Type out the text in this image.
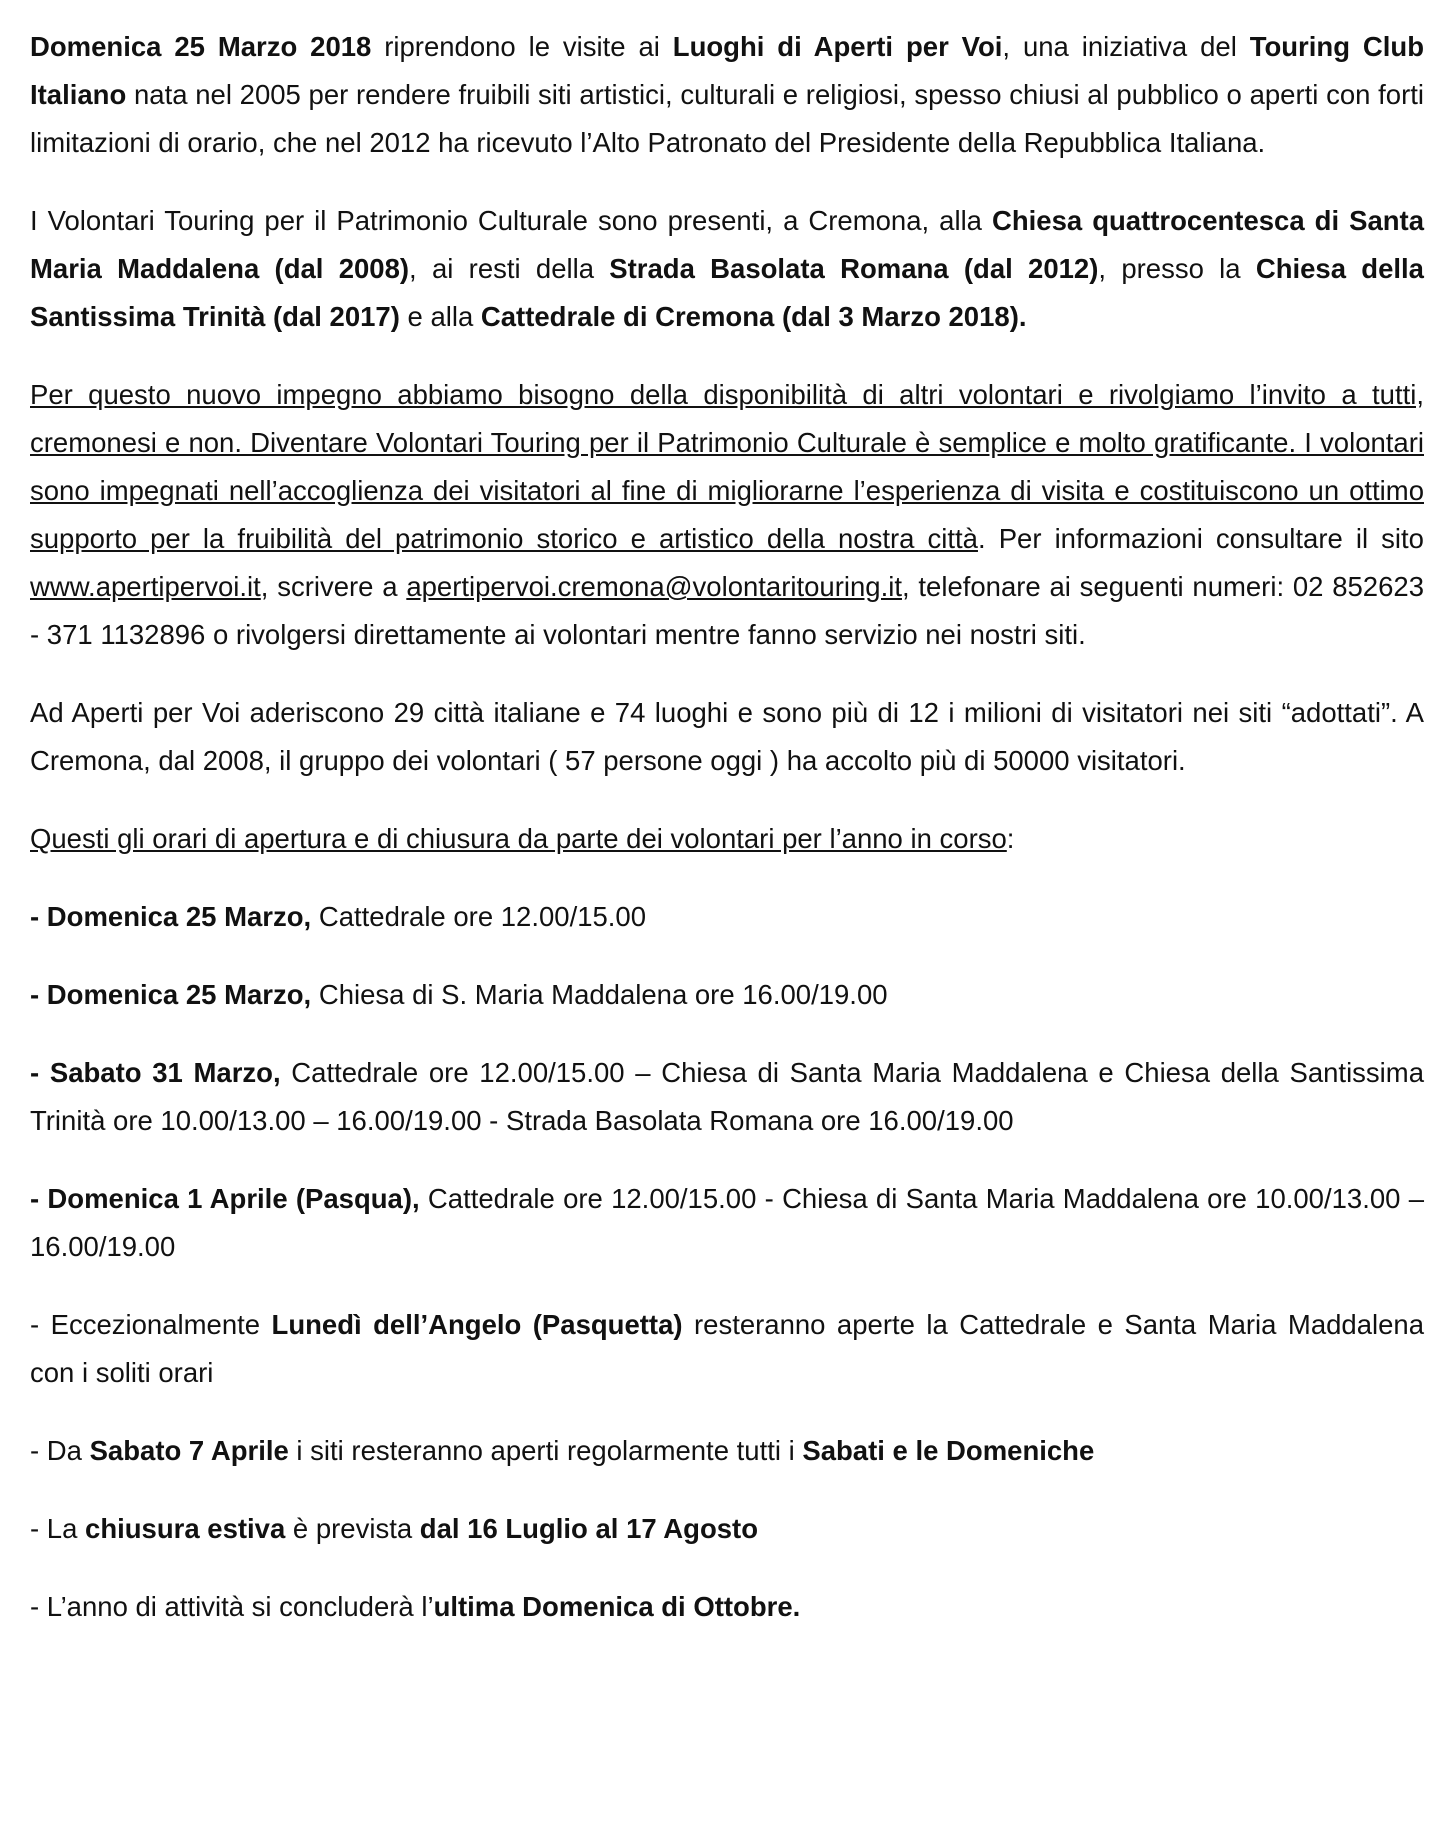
Domenica 25 Marzo 2018 riprendono le visite ai Luoghi di Aperti per Voi, una iniziativa del Touring Club Italiano nata nel 2005 per rendere fruibili siti artistici, culturali e religiosi, spesso chiusi al pubblico o aperti con forti limitazioni di orario, che nel 2012 ha ricevuto l’Alto Patronato del Presidente della Repubblica Italiana.

I Volontari Touring per il Patrimonio Culturale sono presenti, a Cremona, alla Chiesa quattrocentesca di Santa Maria Maddalena (dal 2008), ai resti della Strada Basolata Romana (dal 2012), presso la Chiesa della Santissima Trinità (dal 2017) e alla Cattedrale di Cremona (dal 3 Marzo 2018).

Per questo nuovo impegno abbiamo bisogno della disponibilità di altri volontari e rivolgiamo l’invito a tutti, cremonesi e non. Diventare Volontari Touring per il Patrimonio Culturale è semplice e molto gratificante. I volontari sono impegnati nell’accoglienza dei visitatori al fine di migliorarne l’esperienza di visita e costituiscono un ottimo supporto per la fruibilità del patrimonio storico e artistico della nostra città. Per informazioni consultare il sito www.apertipervoi.it, scrivere a apertipervoi.cremona@volontaritouring.it, telefonare ai seguenti numeri: 02 852623 - 371 1132896 o rivolgersi direttamente ai volontari mentre fanno servizio nei nostri siti.

Ad Aperti per Voi aderiscono 29 città italiane e 74 luoghi e sono più di 12 i milioni di visitatori nei siti “adottati”. A Cremona, dal 2008, il gruppo dei volontari ( 57 persone oggi ) ha accolto più di 50000 visitatori.

Questi gli orari di apertura e di chiusura da parte dei volontari per l’anno in corso:

- Domenica 25 Marzo, Cattedrale ore 12.00/15.00

- Domenica 25 Marzo, Chiesa di S. Maria Maddalena ore 16.00/19.00

- Sabato 31 Marzo, Cattedrale ore 12.00/15.00 – Chiesa di Santa Maria Maddalena e Chiesa della Santissima Trinità ore 10.00/13.00 – 16.00/19.00 - Strada Basolata Romana ore 16.00/19.00

- Domenica 1 Aprile (Pasqua), Cattedrale ore 12.00/15.00 - Chiesa di Santa Maria Maddalena ore 10.00/13.00 – 16.00/19.00

- Eccezionalmente Lunedì dell’Angelo (Pasquetta) resteranno aperte la Cattedrale e Santa Maria Maddalena con i soliti orari

- Da Sabato 7 Aprile i siti resteranno aperti regolarmente tutti i Sabati e le Domeniche

- La chiusura estiva è prevista dal 16 Luglio al 17 Agosto

- L’anno di attività si concluderà l’ultima Domenica di Ottobre.
